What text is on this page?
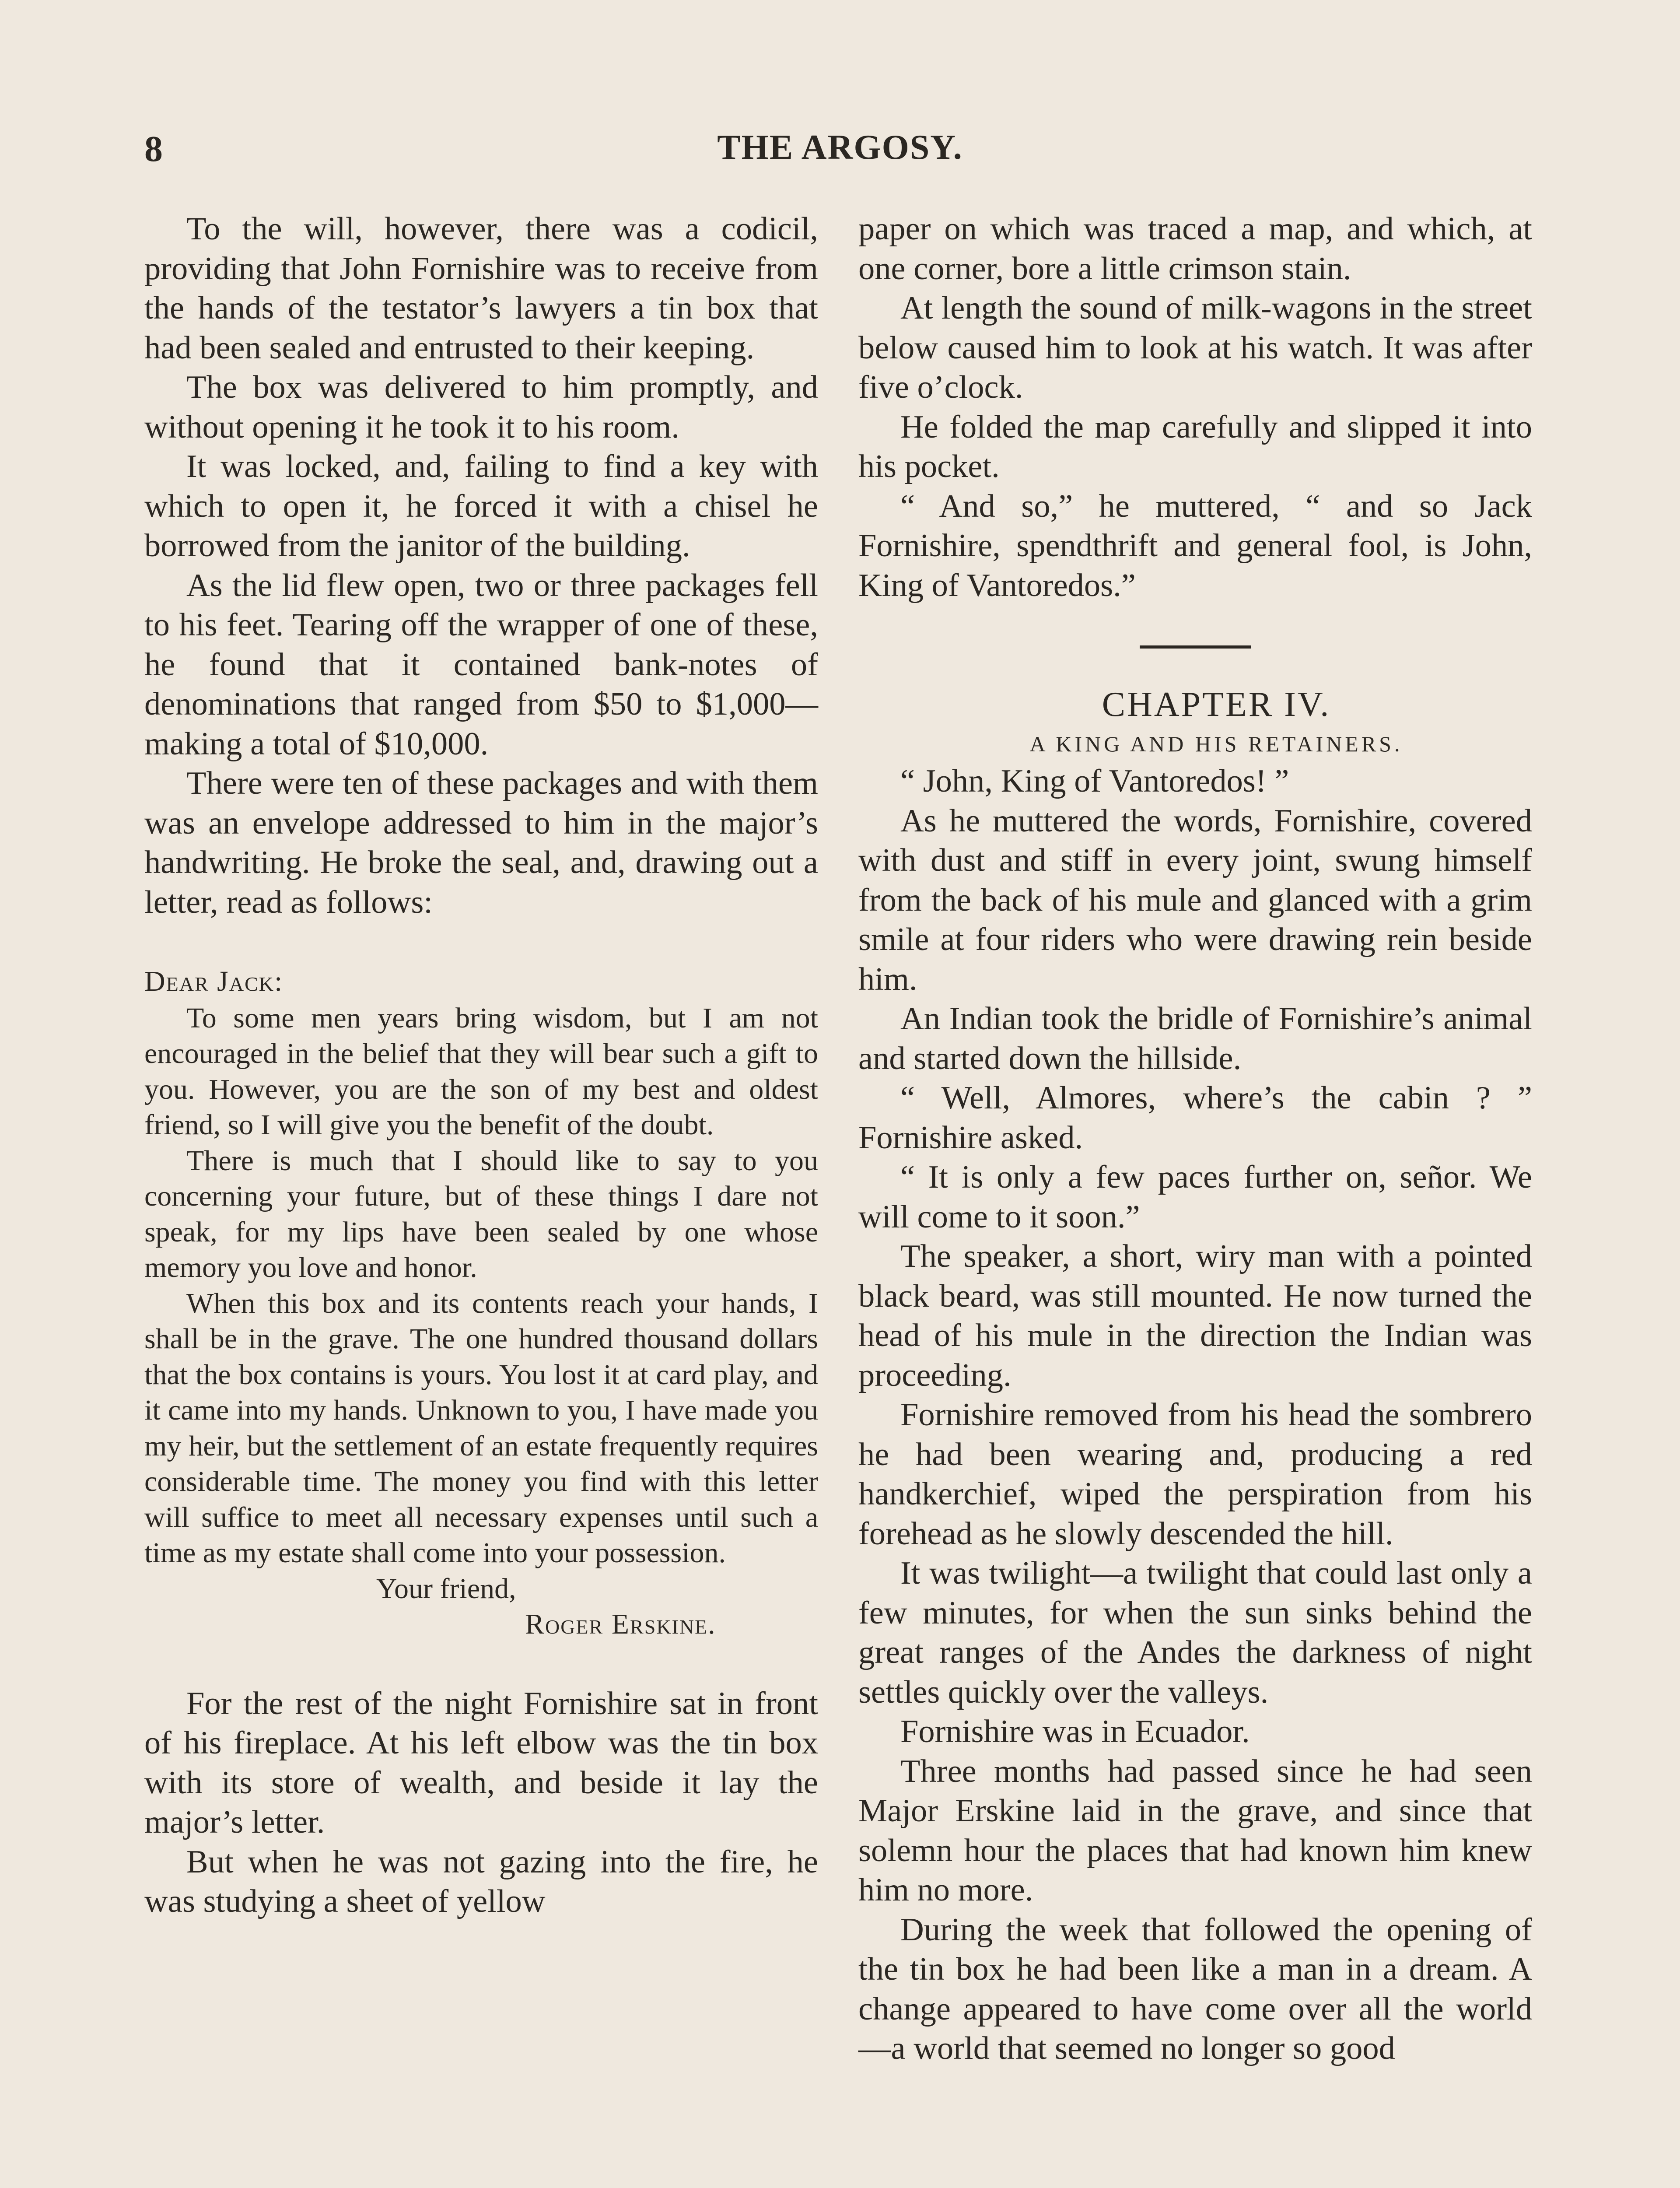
8	THE ARGOSY.

To the will, however, there was a codicil, providing that John Fornishire was to receive from the hands of the testator’s lawyers a tin box that had been sealed and entrusted to their keeping.

The box was delivered to him promptly, and without opening it he took it to his room.

It was locked, and, failing to find a key with which to open it, he forced it with a chisel he borrowed from the janitor of the building.

As the lid flew open, two or three packages fell to his feet. Tearing off the wrapper of one of these, he found that it contained bank-notes of denominations that ranged from $50 to $1,000—making a total of $10,000.

There were ten of these packages and with them was an envelope addressed to him in the major’s handwriting. He broke the seal, and, drawing out a letter, read as follows:

Dear Jack:

To some men years bring wisdom, but I am not encouraged in the belief that they will bear such a gift to you. However, you are the son of my best and oldest friend, so I will give you the benefit of the doubt.

There is much that I should like to say to you concerning your future, but of these things I dare not speak, for my lips have been sealed by one whose memory you love and honor.

When this box and its contents reach your hands, I shall be in the grave. The one hundred thousand dollars that the box contains is yours. You lost it at card play, and it came into my hands. Unknown to you, I have made you my heir, but the settlement of an estate frequently requires considerable time. The money you find with this letter will suffice to meet all necessary expenses until such a time as my estate shall come into your possession.

Your friend,

Roger Erskine.

For the rest of the night Fornishire sat in front of his fireplace. At his left elbow was the tin box with its store of wealth, and beside it lay the major’s letter.

But when he was not gazing into the fire, he was studying a sheet of yellow

paper on which was traced a map, and which, at one corner, bore a little crimson stain.

At length the sound of milk-wagons in the street below caused him to look at his watch. It was after five o’clock.

He folded the map carefully and slipped it into his pocket.

“ And so,” he muttered, “ and so Jack Fornishire, spendthrift and general fool, is John, King of Vantoredos.”

CHAPTER IV.

A KING AND HIS RETAINERS.

“ John, King of Vantoredos! ”

As he muttered the words, Fornishire, covered with dust and stiff in every joint, swung himself from the back of his mule and glanced with a grim smile at four riders who were drawing rein beside him.

An Indian took the bridle of Fornishire’s animal and started down the hillside.

“ Well, Almores, where’s the cabin ? ” Fornishire asked.

“ It is only a few paces further on, señor. We will come to it soon.”

The speaker, a short, wiry man with a pointed black beard, was still mounted. He now turned the head of his mule in the direction the Indian was proceeding.

Fornishire removed from his head the sombrero he had been wearing and, producing a red handkerchief, wiped the perspiration from his forehead as he slowly descended the hill.

It was twilight—a twilight that could last only a few minutes, for when the sun sinks behind the great ranges of the Andes the darkness of night settles quickly over the valleys.

Fornishire was in Ecuador.

Three months had passed since he had seen Major Erskine laid in the grave, and since that solemn hour the places that had known him knew him no more.

During the week that followed the opening of the tin box he had been like a man in a dream. A change appeared to have come over all the world —a world that seemed no longer so good
